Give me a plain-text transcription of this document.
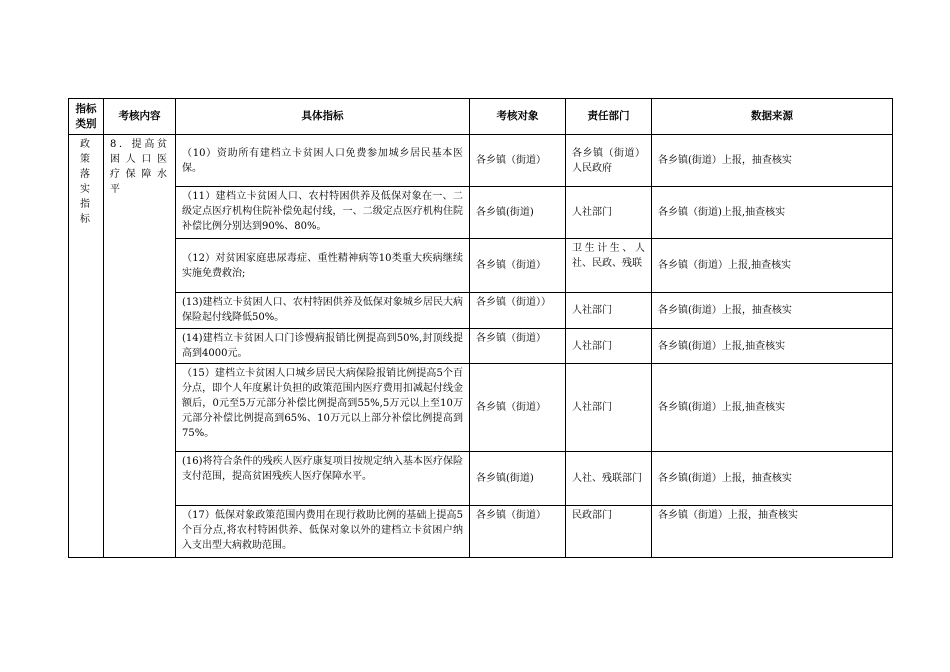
指标类别	考核内容	具体指标	考核对象	责任部门	数据来源
政策落实指标	8．提高贫困人口医疗保障水平	（10）资助所有建档立卡贫困人口免费参加城乡居民基本医保。	各乡镇（街道）	各乡镇（街道）人民政府	各乡镇(街道）上报，抽查核实
		（11）建档立卡贫困人口、农村特困供养及低保对象在一、二级定点医疗机构住院补偿免起付线，一、二级定点医疗机构住院补偿比例分别达到90%、80%。	各乡镇(街道)	人社部门	各乡镇（街道)上报,抽查核实
		（12）对贫困家庭患尿毒症、重性精神病等10类重大疾病继续实施免费救治;	各乡镇（街道）	卫生计生、人社、民政、残联	各乡镇（街道）上报,抽查核实
		(13)建档立卡贫困人口、农村特困供养及低保对象城乡居民大病保险起付线降低50%。	各乡镇（街道））	人社部门	各乡镇(街道）上报，抽查核实
		(14)建档立卡贫困人口门诊慢病报销比例提高到50%,封顶线提高到4000元。	各乡镇（街道）	人社部门	各乡镇(街道）上报,抽查核实
		（15）建档立卡贫困人口城乡居民大病保险报销比例提高5个百分点，即个人年度累计负担的政策范围内医疗费用扣减起付线金额后，0元至5万元部分补偿比例提高到55%,5万元以上至10万元部分补偿比例提高到65%、10万元以上部分补偿比例提高到75%。	各乡镇（街道）	人社部门	各乡镇(街道）上报,抽查核实
		(16)将符合条件的残疾人医疗康复项目按规定纳入基本医疗保险支付范围，提高贫困残疾人医疗保障水平。	各乡镇(街道)	人社、残联部门	各乡镇(街道）上报，抽查核实
		（17）低保对象政策范围内费用在现行救助比例的基础上提高5个百分点,将农村特困供养、低保对象以外的建档立卡贫困户纳入支出型大病救助范围。	各乡镇（街道）	民政部门	各乡镇（街道）上报，抽查核实
